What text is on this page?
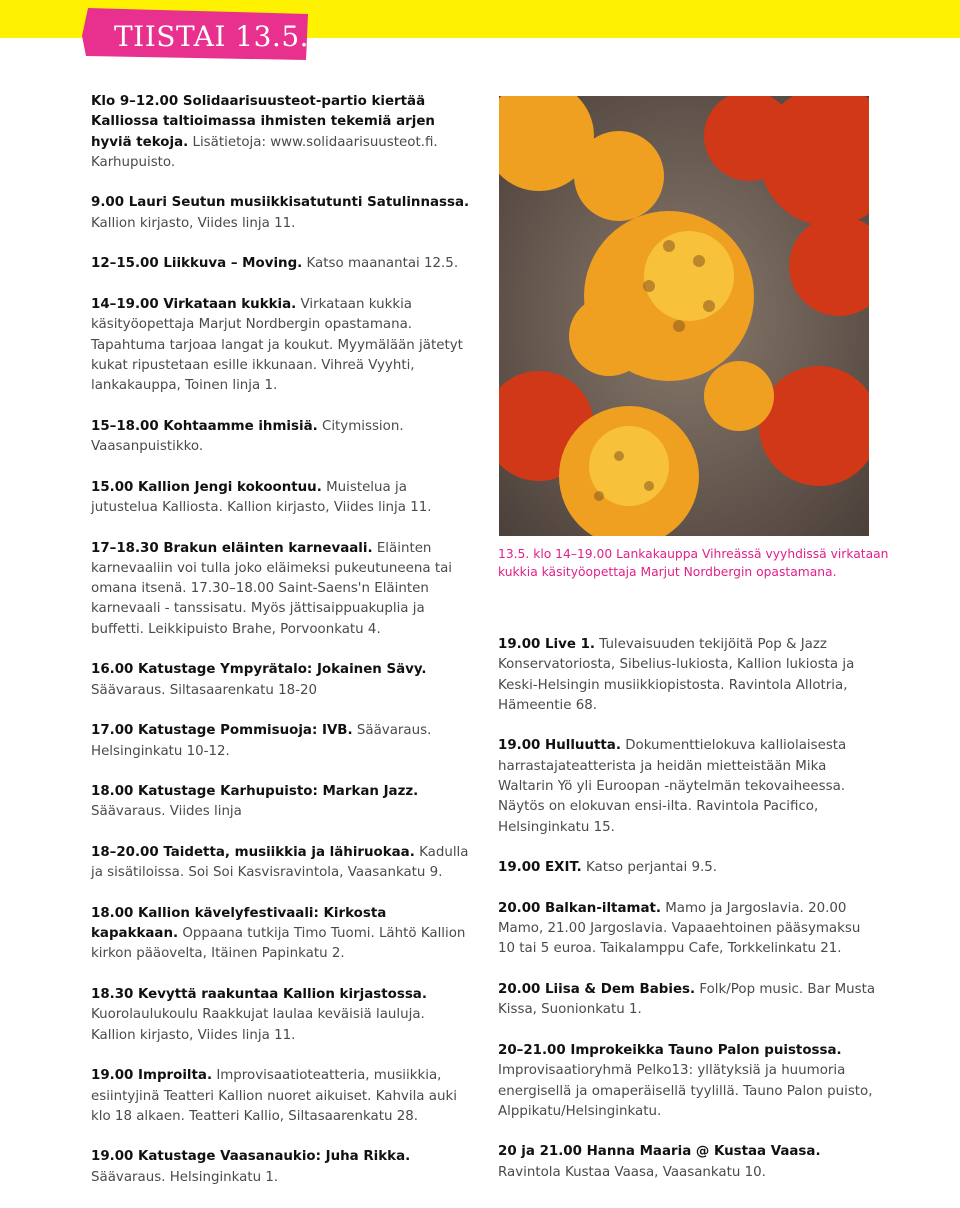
TIISTAI 13.5.
Klo 9–12.00 Solidaarisuusteot-partio kiertää Kalliossa taltioimassa ihmisten tekemiä arjen hyviä tekoja. Lisätietoja: www.solidaarisuusteot.fi. Karhupuisto.
9.00 Lauri Seutun musiikkisatutunti Satulinnassa. Kallion kirjasto, Viides linja 11.
12–15.00 Liikkuva – Moving. Katso maanantai 12.5.
14–19.00 Virkataan kukkia. Virkataan kukkia käsityöopettaja Marjut Nordbergin opastamana. Tapahtuma tarjoaa langat ja koukut. Myymälään jätetyt kukat ripustetaan esille ikkunaan. Vihreä Vyyhti, lankakauppa, Toinen linja 1.
15–18.00 Kohtaamme ihmisiä. Citymission. Vaasanpuistikko.
15.00 Kallion Jengi kokoontuu. Muistelua ja jutustelua Kalliosta. Kallion kirjasto, Viides linja 11.
17–18.30 Brakun eläinten karnevaali. Eläinten karnevaaliin voi tulla joko eläimeksi pukeutuneena tai omana itsenä. 17.30–18.00 Saint-Saens'n Eläinten karnevaali - tanssisatu. Myös jättisaippuakuplia ja buffetti. Leikkipuisto Brahe, Porvoonkatu 4.
16.00 Katustage Ympyrätalo: Jokainen Sävy. Säävaraus. Siltasaarenkatu 18-20
17.00 Katustage Pommisuoja: IVB. Säävaraus. Helsinginkatu 10-12.
18.00 Katustage Karhupuisto: Markan Jazz. Säävaraus. Viides linja
18–20.00 Taidetta, musiikkia ja lähiruokaa. Kadulla ja sisätiloissa. Soi Soi Kasvisravintola, Vaasankatu 9.
18.00 Kallion kävelyfestivaali: Kirkosta kapakkaan. Oppaana tutkija Timo Tuomi. Lähtö Kallion kirkon pääovelta, Itäinen Papinkatu 2.
18.30 Kevyttä raakuntaa Kallion kirjastossa. Kuorolaulukoulu Raakkujat laulaa keväisiä lauluja. Kallion kirjasto, Viides linja 11.
19.00 Improilta. Improvisaatioteatteria, musiikkia, esiintyjinä Teatteri Kallion nuoret aikuiset. Kahvila auki klo 18 alkaen. Teatteri Kallio, Siltasaarenkatu 28.
19.00 Katustage Vaasanaukio: Juha Rikka. Säävaraus. Helsinginkatu 1.
13.5. klo 14–19.00 Lankakauppa Vihreässä vyyhdissä virkataan kukkia käsityöopettaja Marjut Nordbergin opastamana.
19.00 Live 1. Tulevaisuuden tekijöitä Pop & Jazz Konservatoriosta, Sibelius-lukiosta, Kallion lukiosta ja Keski-Helsingin musiikkiopistosta. Ravintola Allotria, Hämeentie 68.
19.00 Hulluutta. Dokumenttielokuva kalliolaisesta harrastajateatterista ja heidän mietteistään Mika Waltarin Yö yli Euroopan -näytelmän tekovaiheessa. Näytös on elokuvan ensi-ilta. Ravintola Pacifico, Helsinginkatu 15.
19.00 EXIT. Katso perjantai 9.5.
20.00 Balkan-iltamat. Mamo ja Jargoslavia. 20.00 Mamo, 21.00 Jargoslavia. Vapaaehtoinen pääsymaksu 10 tai 5 euroa. Taikalamppu Cafe, Torkkelinkatu 21.
20.00 Liisa & Dem Babies. Folk/Pop music. Bar Musta Kissa, Suonionkatu 1.
20–21.00 Improkeikka Tauno Palon puistossa. Improvisaatioryhmä Pelko13: yllätyksiä ja huumoria energisellä ja omaperäisellä tyylillä. Tauno Palon puisto, Alppikatu/Helsinginkatu.
20 ja 21.00 Hanna Maaria @ Kustaa Vaasa. Ravintola Kustaa Vaasa, Vaasankatu 10.
